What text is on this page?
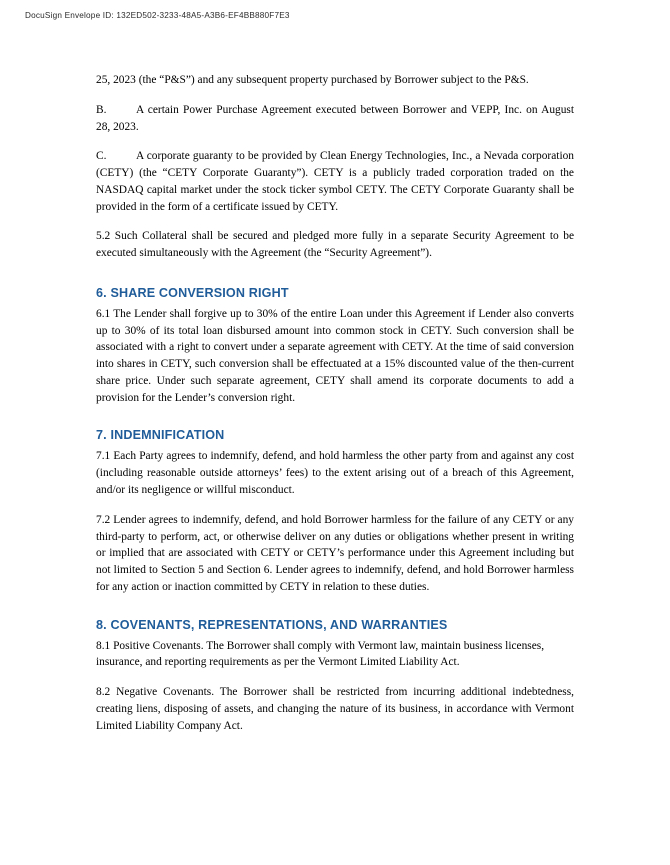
DocuSign Envelope ID: 132ED502-3233-48A5-A3B6-EF4BB880F7E3

25, 2023 (the “P&S”) and any subsequent property purchased by Borrower subject to the P&S.

B.	A certain Power Purchase Agreement executed between Borrower and VEPP, Inc. on August 28, 2023.

C.	A corporate guaranty to be provided by Clean Energy Technologies, Inc., a Nevada corporation (CETY) (the “CETY Corporate Guaranty”). CETY is a publicly traded corporation traded on the NASDAQ capital market under the stock ticker symbol CETY. The CETY Corporate Guaranty shall be provided in the form of a certificate issued by CETY.

5.2 Such Collateral shall be secured and pledged more fully in a separate Security Agreement to be executed simultaneously with the Agreement (the “Security Agreement”).

6. SHARE CONVERSION RIGHT

6.1 The Lender shall forgive up to 30% of the entire Loan under this Agreement if Lender also converts up to 30% of its total loan disbursed amount into common stock in CETY. Such conversion shall be associated with a right to convert under a separate agreement with CETY. At the time of said conversion into shares in CETY, such conversion shall be effectuated at a 15% discounted value of the then-current share price. Under such separate agreement, CETY shall amend its corporate documents to add a provision for the Lender’s conversion right.

7. INDEMNIFICATION

7.1 Each Party agrees to indemnify, defend, and hold harmless the other party from and against any cost (including reasonable outside attorneys’ fees) to the extent arising out of a breach of this Agreement, and/or its negligence or willful misconduct.

7.2 Lender agrees to indemnify, defend, and hold Borrower harmless for the failure of any CETY or any third-party to perform, act, or otherwise deliver on any duties or obligations whether present in writing or implied that are associated with CETY or CETY’s performance under this Agreement including but not limited to Section 5 and Section 6. Lender agrees to indemnify, defend, and hold Borrower harmless for any action or inaction committed by CETY in relation to these duties.

8. COVENANTS, REPRESENTATIONS, AND WARRANTIES

8.1 Positive Covenants. The Borrower shall comply with Vermont law, maintain business licenses, insurance, and reporting requirements as per the Vermont Limited Liability Act.

8.2 Negative Covenants. The Borrower shall be restricted from incurring additional indebtedness, creating liens, disposing of assets, and changing the nature of its business, in accordance with Vermont Limited Liability Company Act.
